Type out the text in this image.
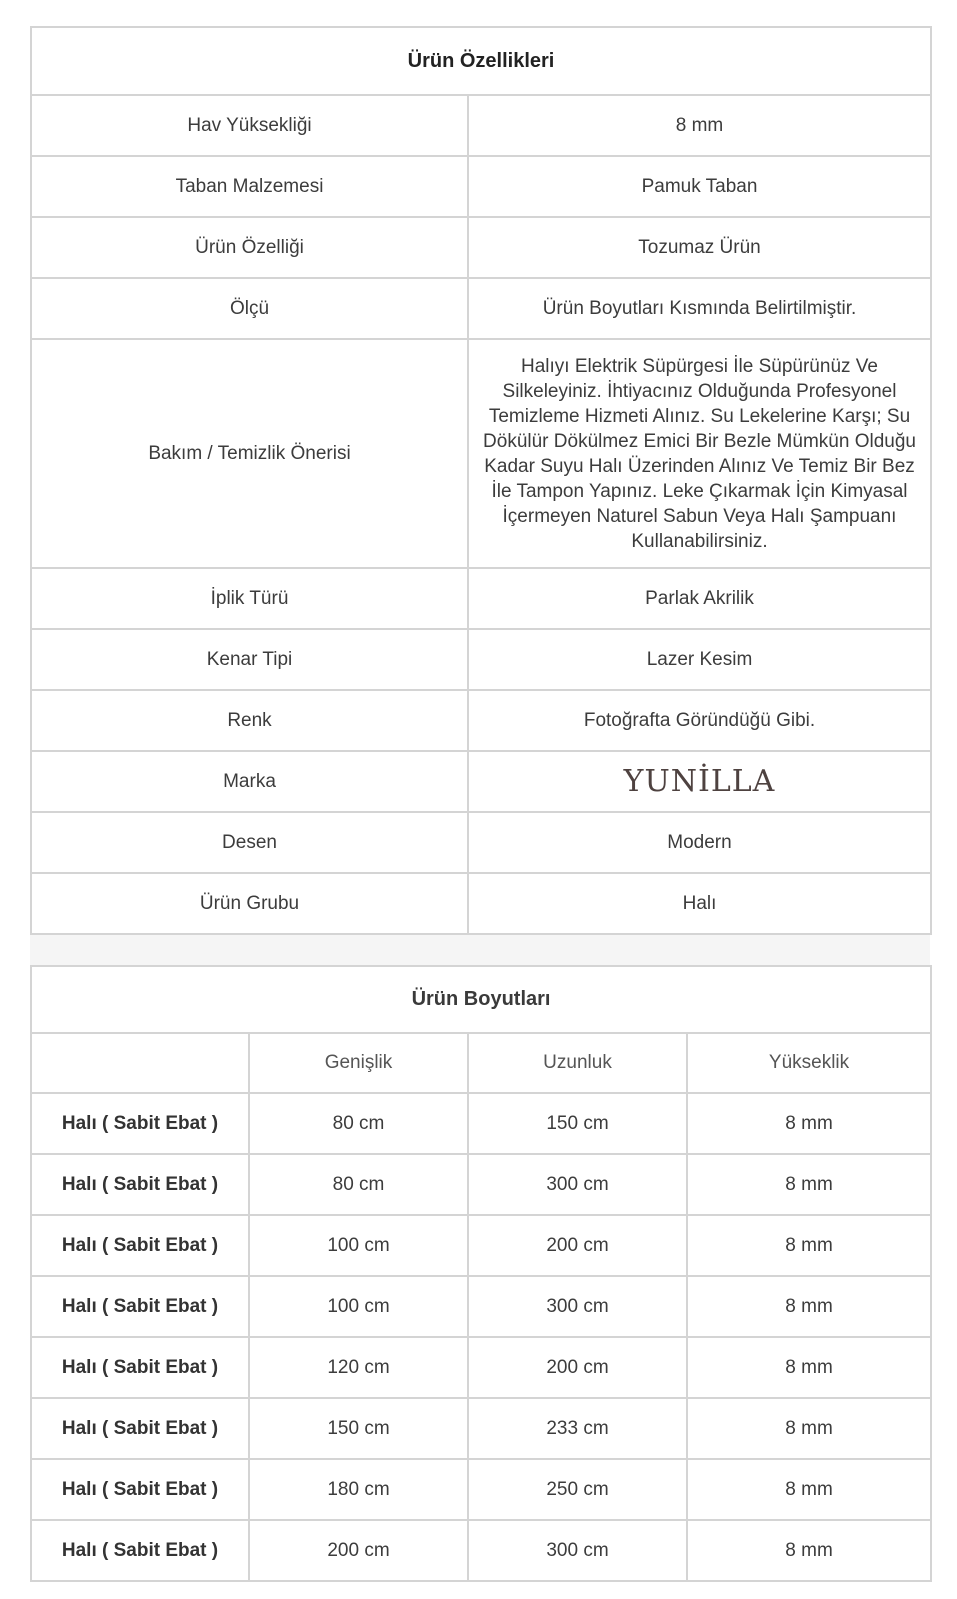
Ürün Özellikleri	
Hav Yüksekliği	8 mm
Taban Malzemesi	Pamuk Taban
Ürün Özelliği	Tozumaz Ürün
Ölçü	Ürün Boyutları Kısmında Belirtilmiştir.
Bakım / Temizlik Önerisi	Halıyı Elektrik Süpürgesi İle Süpürünüz Ve Silkeleyiniz. İhtiyacınız Olduğunda Profesyonel Temizleme Hizmeti Alınız. Su Lekelerine Karşı; Su Dökülür Dökülmez Emici Bir Bezle Mümkün Olduğu Kadar Suyu Halı Üzerinden Alınız Ve Temiz Bir Bez İle Tampon Yapınız. Leke Çıkarmak İçin Kimyasal İçermeyen Naturel Sabun Veya Halı Şampuanı Kullanabilirsiniz.
İplik Türü	Parlak Akrilik
Kenar Tipi	Lazer Kesim
Renk	Fotoğrafta Göründüğü Gibi.
Marka	YUNİLLA
Desen	Modern
Ürün Grubu	Halı
Ürün Boyutları			
	Genişlik	Uzunluk	Yükseklik
Halı ( Sabit Ebat )	80 cm	150 cm	8 mm
Halı ( Sabit Ebat )	80 cm	300 cm	8 mm
Halı ( Sabit Ebat )	100 cm	200 cm	8 mm
Halı ( Sabit Ebat )	100 cm	300 cm	8 mm
Halı ( Sabit Ebat )	120 cm	200 cm	8 mm
Halı ( Sabit Ebat )	150 cm	233 cm	8 mm
Halı ( Sabit Ebat )	180 cm	250 cm	8 mm
Halı ( Sabit Ebat )	200 cm	300 cm	8 mm
